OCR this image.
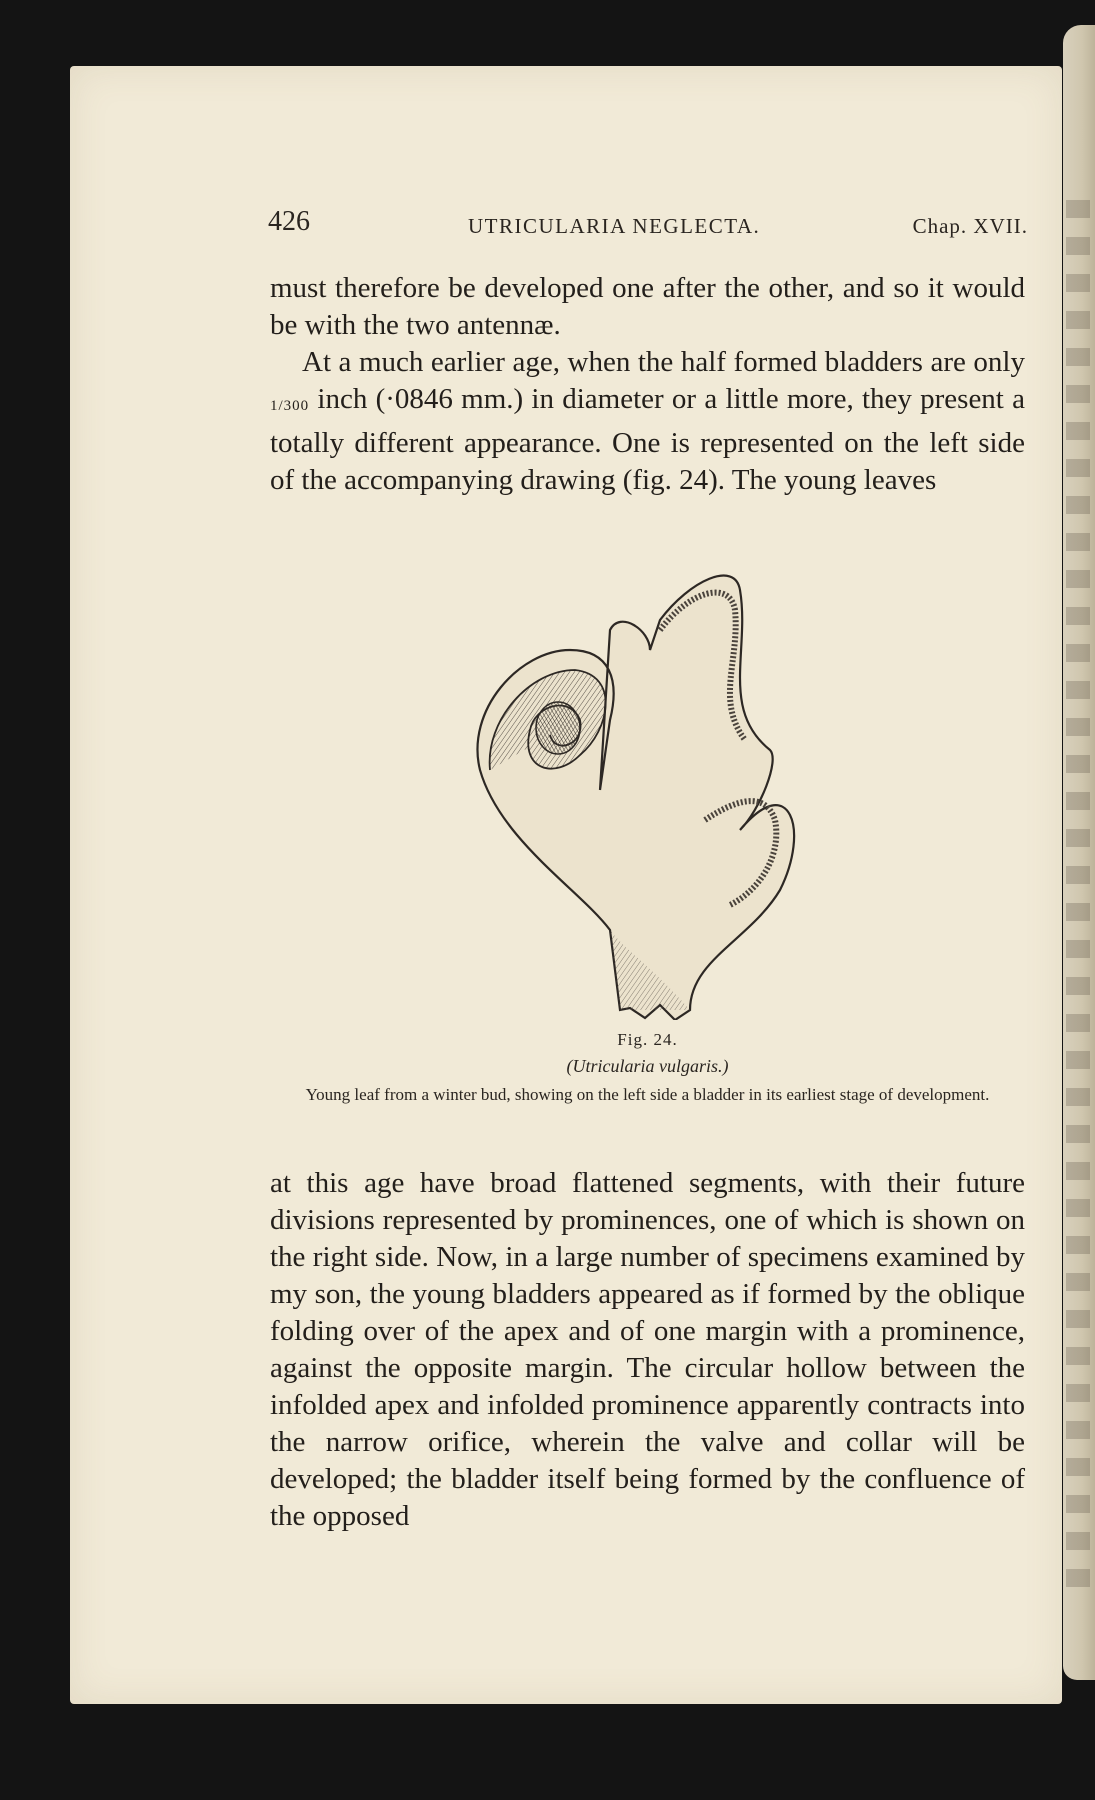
426	UTRICULARIA NEGLECTA.	Chap. XVII.

must therefore be developed one after the other, and so it would be with the two antennæ.

At a much earlier age, when the half formed bladders are only 1/300 inch (·0846 mm.) in diameter or a little more, they present a totally different appearance. One is represented on the left side of the accompanying drawing (fig. 24). The young leaves

Fig. 24.
(Utricularia vulgaris.)
Young leaf from a winter bud, showing on the left side a bladder in its earliest stage of development.

at this age have broad flattened segments, with their future divisions represented by prominences, one of which is shown on the right side. Now, in a large number of specimens examined by my son, the young bladders appeared as if formed by the oblique folding over of the apex and of one margin with a prominence, against the opposite margin. The circular hollow between the infolded apex and infolded prominence apparently contracts into the narrow orifice, wherein the valve and collar will be developed; the bladder itself being formed by the confluence of the opposed
